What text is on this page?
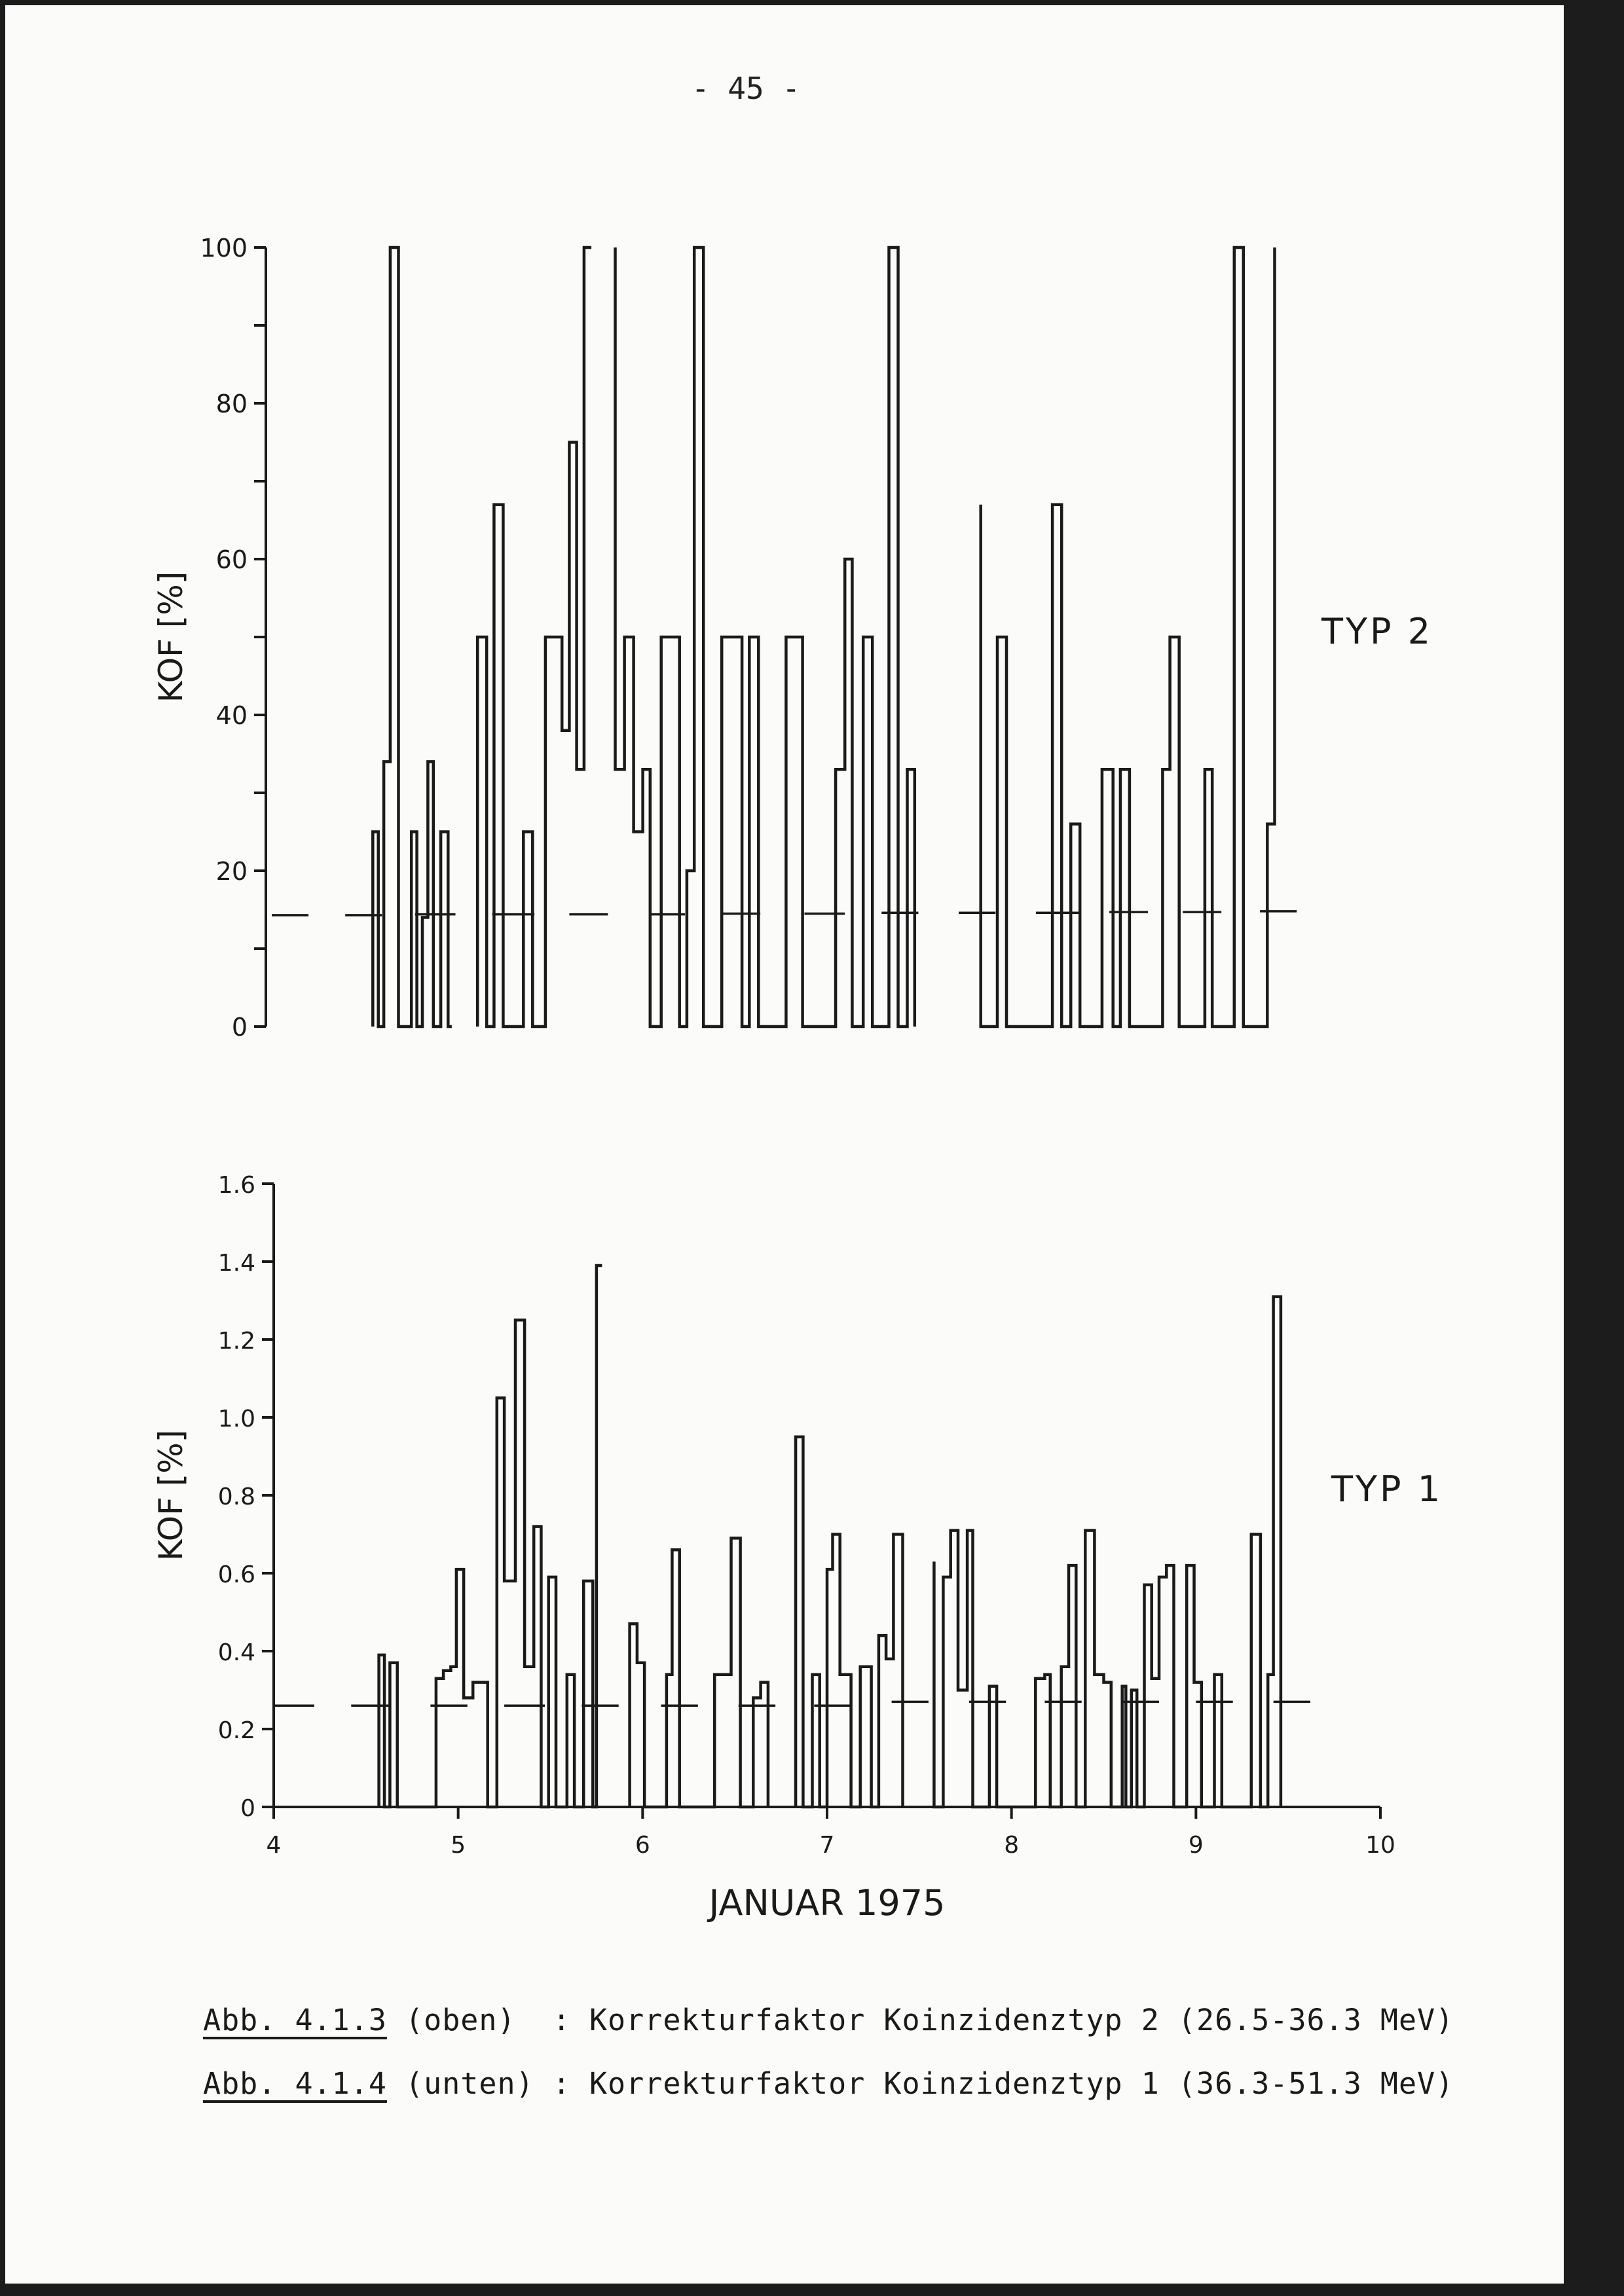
- 45 -
0
20
40
60
80
100
KOF [%]	TYP 2
0
0.2
0.4
0.6
0.8
1.0
1.2
1.4
1.6
4	5	6	7	8	9	10
KOF [%]
JANUAR 1975
TYP 1
Abb. 4.1.3 (oben)  : Korrekturfaktor Koinzidenztyp 2 (26.5-36.3 MeV)
Abb. 4.1.4 (unten) : Korrekturfaktor Koinzidenztyp 1 (36.3-51.3 MeV)
